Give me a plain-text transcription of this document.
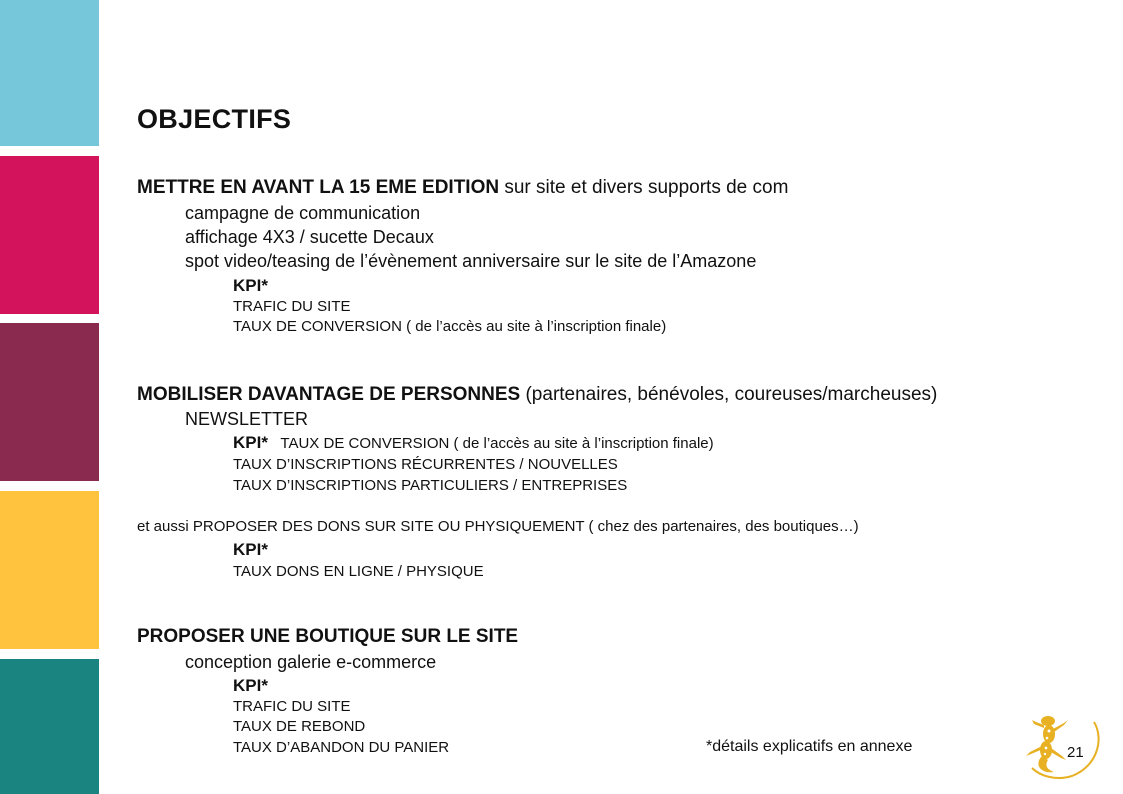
OBJECTIFS
METTRE EN AVANT LA 15 EME EDITION sur site et divers supports de com
campagne de communication
affichage 4X3 / sucette Decaux
spot video/teasing de l’évènement anniversaire sur le site de l’Amazone
KPI*
TRAFIC DU SITE
TAUX DE CONVERSION ( de l’accès au site à l’inscription finale)
MOBILISER DAVANTAGE DE PERSONNES (partenaires, bénévoles, coureuses/marcheuses)
NEWSLETTER
KPI* TAUX DE CONVERSION ( de l’accès au site à l’inscription finale)
TAUX D’INSCRIPTIONS RÉCURRENTES / NOUVELLES
TAUX D’INSCRIPTIONS PARTICULIERS / ENTREPRISES
et aussi PROPOSER DES DONS SUR SITE OU PHYSIQUEMENT ( chez des partenaires, des boutiques…)
KPI*
TAUX DONS EN LIGNE / PHYSIQUE
PROPOSER UNE BOUTIQUE SUR LE SITE
conception galerie e-commerce
KPI*
TRAFIC DU SITE
TAUX DE REBOND
TAUX D’ABANDON DU PANIER	*détails explicatifs en annexe	21
